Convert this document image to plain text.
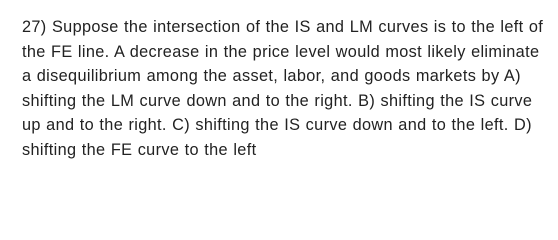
27) Suppose the intersection of the IS and LM curves is to the left of the FE line. A decrease in the price level would most likely eliminate a disequilibrium among the asset, labor, and goods markets by A) shifting the LM curve down and to the right. B) shifting the IS curve up and to the right. C) shifting the IS curve down and to the left. D) shifting the FE curve to the left
